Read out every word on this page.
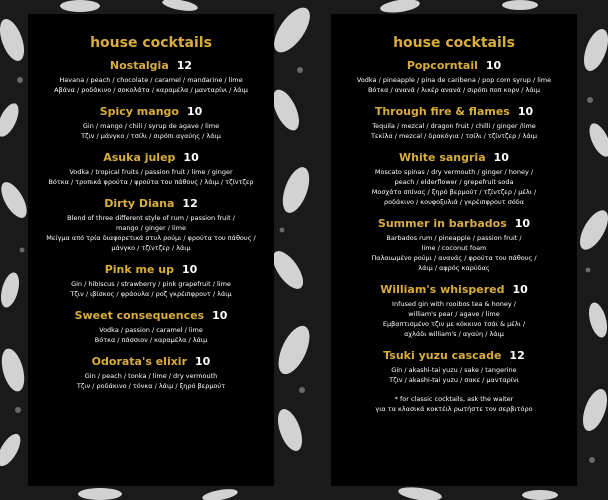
house cocktails
Nostalgia 12
Havana / peach / chocolate / caramel / mandarine / lime
Αβάνα / ροδάκινο / σοκολάτα / καραμέλα / μανταρίνι / λάιμ
Spicy mango 10
Gin / mango / chili / syrup de agave / lime
Τζιν / μάνγκο / τσίλι / σιρόπι αγαύης / λάιμ
Asuka julep 10
Vodka / tropical fruits / passion fruit / lime / ginger
Βότκα / τροπικά φρούτα / φρούτα του πάθους / λάιμ / τζίντζερ
Dirty Diana 12
Blend of three different style of rum / passion fruit /
mango / ginger / lime
Μείγμα από τρία διαφορετικά στυλ ρούμι / φρούτα του πάθους /
μάνγκο / τζίντζερ / λάιμ
Pink me up 10
Gin / hibiscus / strawberry / pink grapefruit / lime
Τζιν / ιβίσκος / φράουλα / ροζ γκρέιπφρουτ / λάιμ
Sweet consequences 10
Vodka / passion / caramel / lime
Βότκα / πάσσιον / καραμέλα / λάιμ
Odorata's elixir 10
Gin / peach / tonka / lime / dry vermouth
Τζιν / ροδάκινο / τόνκα / λάιμ / ξηρό βερμούτ
house cocktails
Popcorntail 10
Vodka / pineapple / pina de caribena / pop corn syrup / lime
Βότκα / ανανά / λικέρ ανανά / σιρόπι ποπ κορν / λάιμ
Through fire & flames 10
Tequila / mezcal / dragon fruit / chilli / ginger /lime
Τεκίλα / mezcal / δρακόγια / τσίλι / τζίντζερ / λάιμ
White sangria 10
Moscato spinas / dry vermouth / ginger / honey /
peach / elderflower / grepefruit soda
Μοσχάτο σπίνας / ξηρό βερμούτ / τζίντζερ / μέλι /
ροδάκινο / κουφοξυλιά / γκρέιπφρουτ σόδα
Summer in barbados 10
Barbados rum / pineapple / passion fruit /
lime / coconut foam
Παλαιωμένο ρούμι / ανανάς / φρούτα του πάθους /
λάιμ / αφρός καρύδας
William's whispered 10
Infused gin with rooibos tea & honey /
william's pear / agave / lime
Εμβαπτισμένο τζιν με κόκκινο τσάι & μέλι /
αχλάδι william's / αγαύη / λάιμ
Tsuki yuzu cascade 12
Gin / akashi-tai yuzu / sake / tangerine
Τζιν / akashi-tai yuzu / σακε / μανταρίνι
* for classic cocktails, ask the waiter
για τα κλασικά κοκτέιλ ρωτήστε τον σερβιτόρο
